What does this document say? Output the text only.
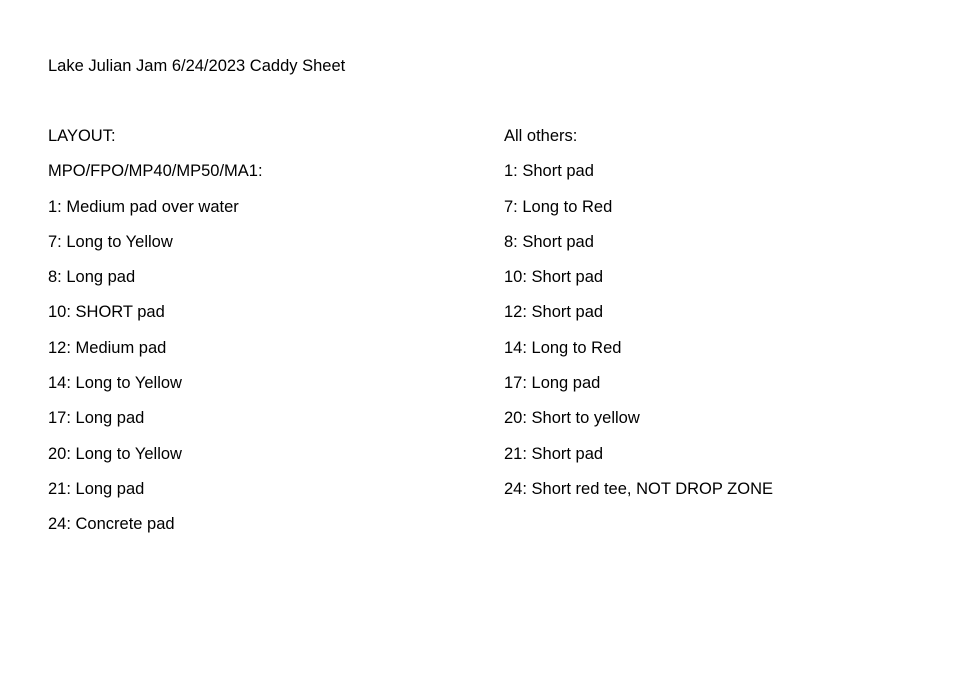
Lake Julian Jam 6/24/2023 Caddy Sheet
LAYOUT:
MPO/FPO/MP40/MP50/MA1:
1: Medium pad over water
7: Long to Yellow
8: Long pad
10: SHORT pad
12: Medium pad
14: Long to Yellow
17: Long pad
20: Long to Yellow
21: Long pad
24: Concrete pad
All others:
1: Short pad
7: Long to Red
8: Short pad
10: Short pad
12: Short pad
14: Long to Red
17: Long pad
20: Short to yellow
21: Short pad
24: Short red tee, NOT DROP ZONE
